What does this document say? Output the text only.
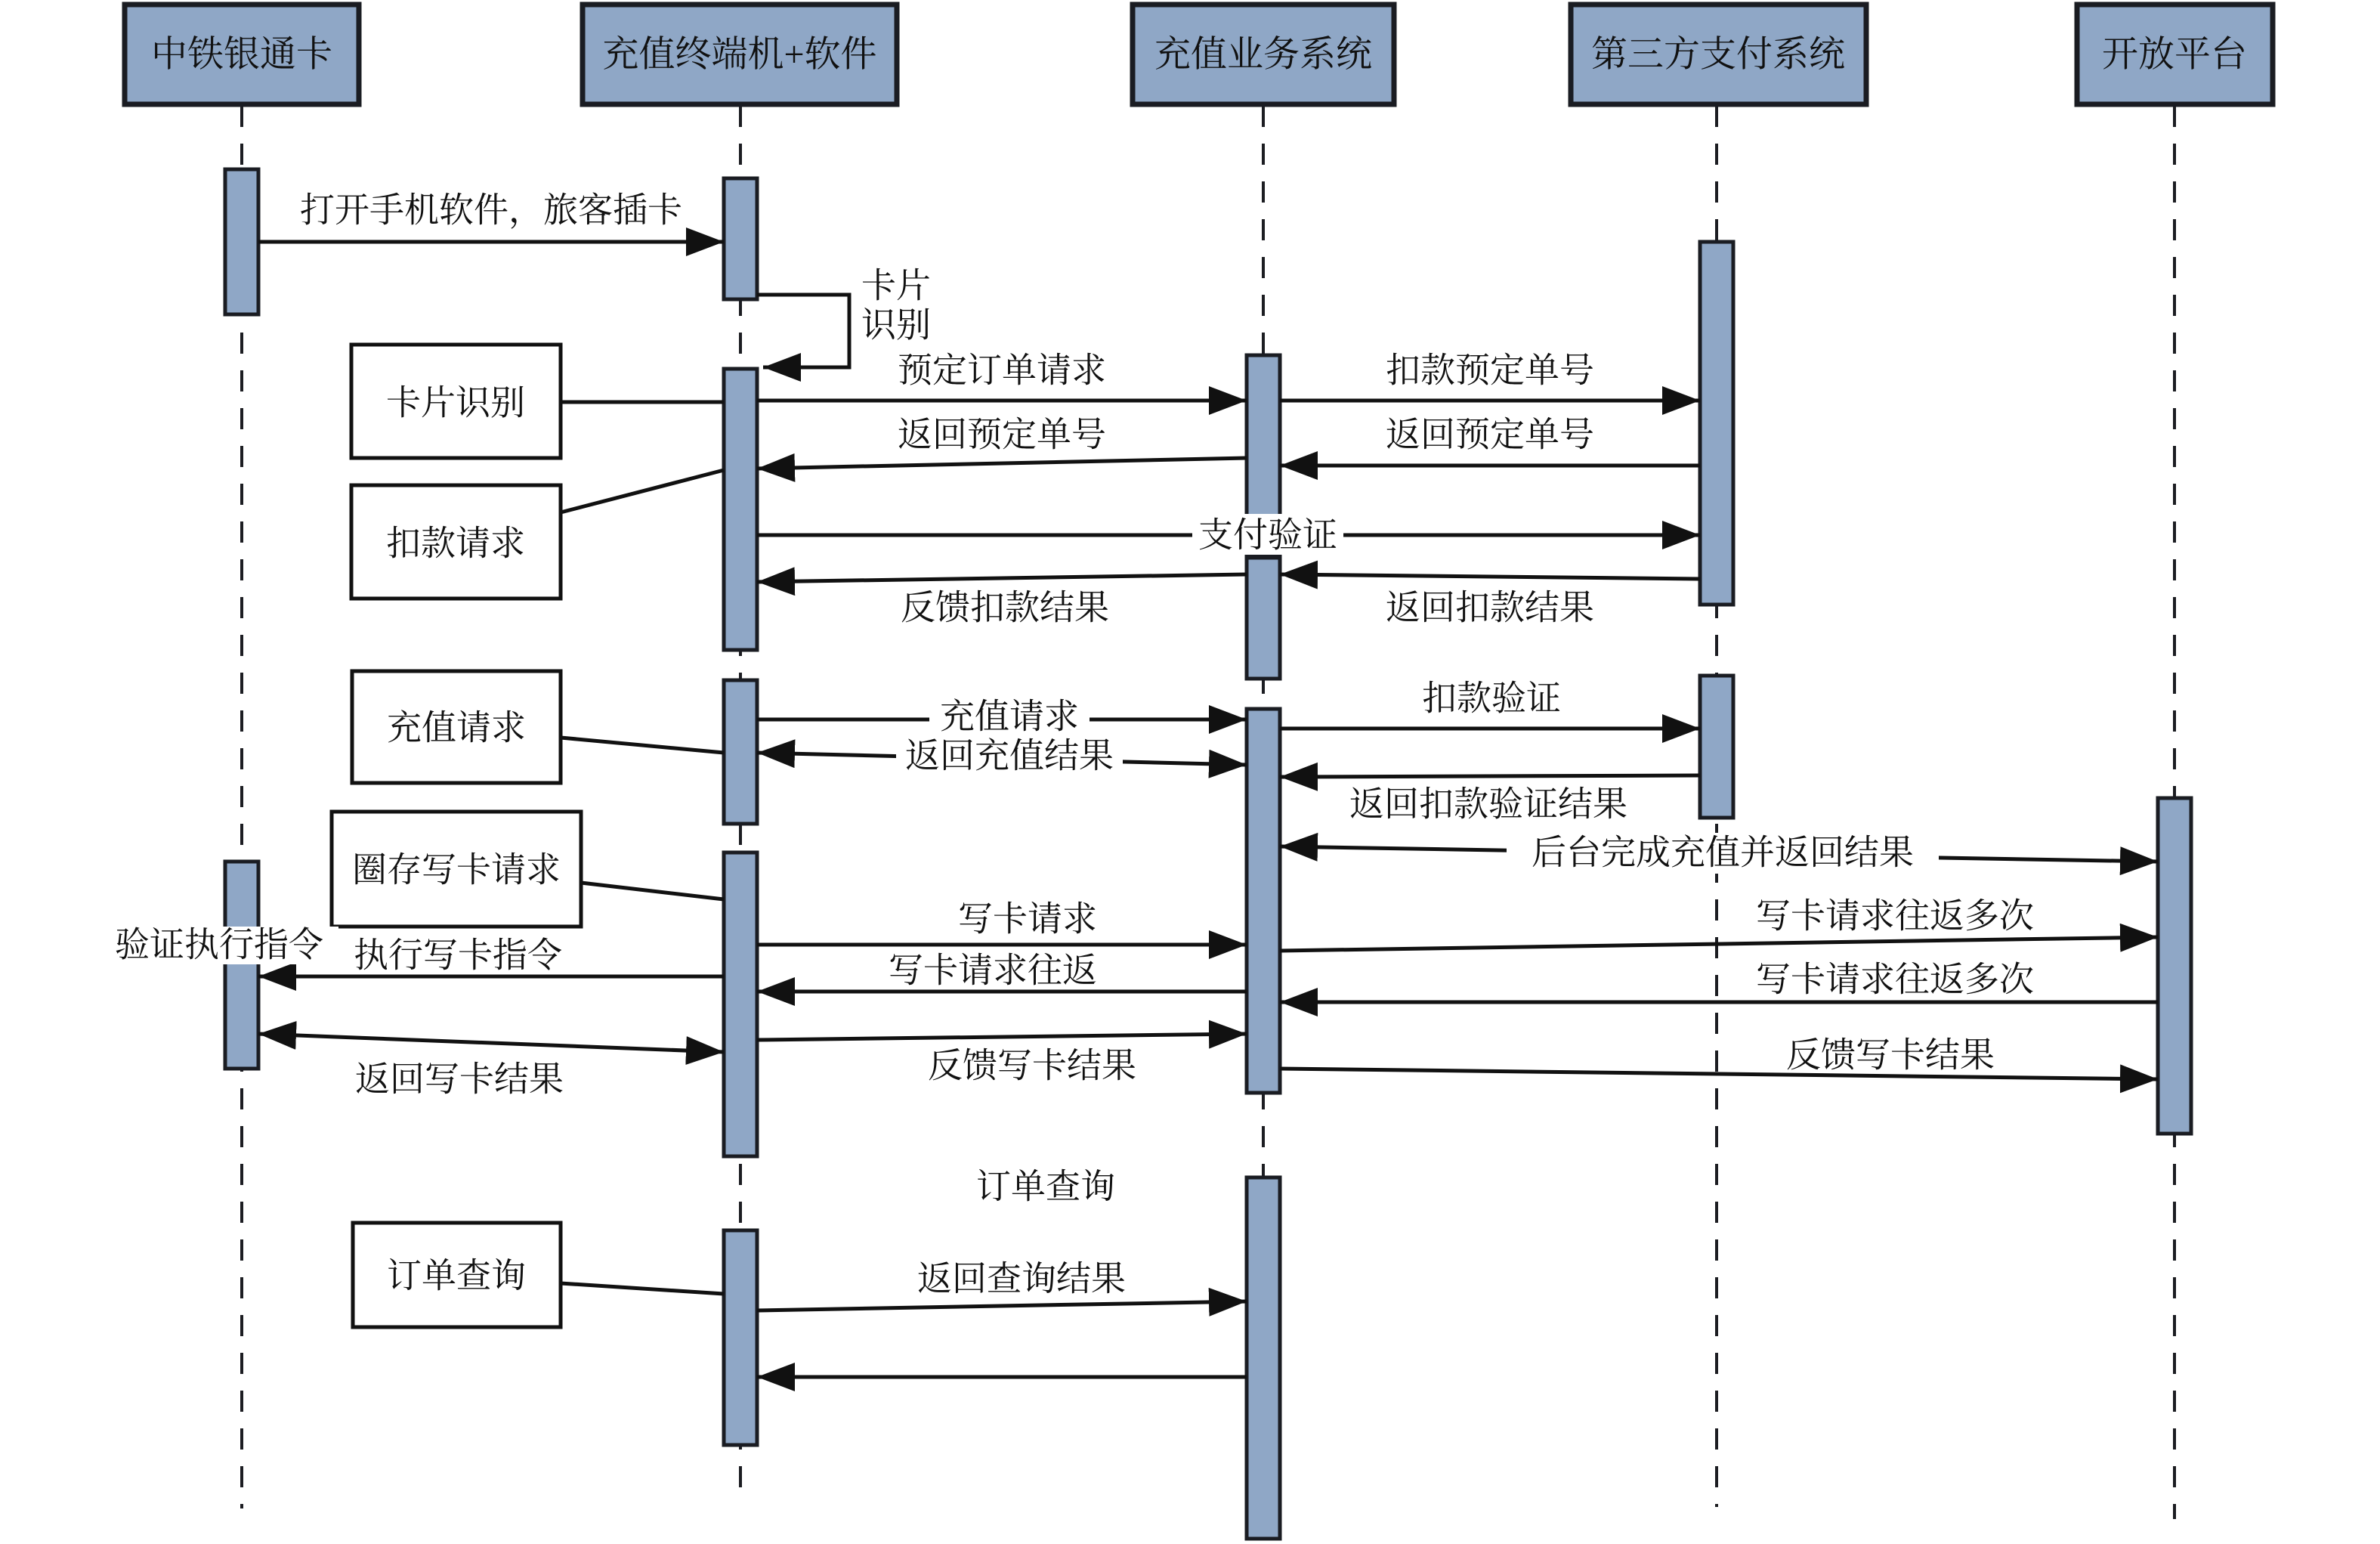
中铁银通卡	充值终端机+软件	充值业务系统	第三方支付系统	开放平台
卡片识别
扣款请求
充值请求
圈存写卡请求
订单查询
打开手机软件，旅客插卡
卡片
识别
预定订单请求	扣款预定单号
返回预定单号	返回预定单号
支付验证
反馈扣款结果	返回扣款结果
充值请求
返回充值结果
扣款验证
返回扣款验证结果
后台完成充值并返回结果
写卡请求	写卡请求往返多次
执行写卡指令	写卡请求往返	写卡请求往返多次
验证执行指令
返回写卡结果	反馈写卡结果	反馈写卡结果
订单查询
返回查询结果
